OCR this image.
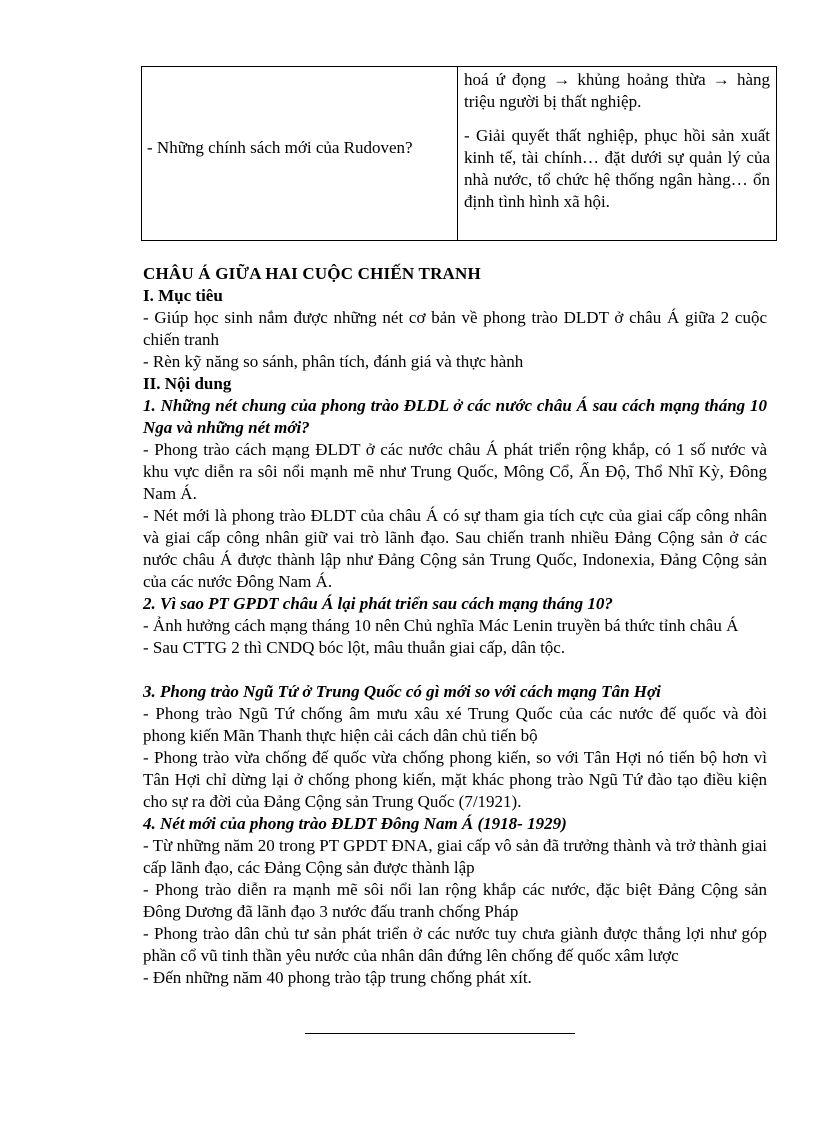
- Những chính sách mới của Rudoven?

hoá ứ đọng → khủng hoảng thừa → hàng triệu người bị thất nghiệp.

- Giải quyết thất nghiệp, phục hồi sản xuất kinh tế, tài chính… đặt dưới sự quản lý của nhà nước, tổ chức hệ thống ngân hàng… ổn định tình hình xã hội.

CHÂU Á GIỮA HAI CUỘC CHIẾN TRANH

I. Mục tiêu

- Giúp học sinh nắm được những nét cơ bản về phong trào DLDT ở châu Á giữa 2 cuộc chiến tranh

- Rèn kỹ năng so sánh, phân tích, đánh giá và thực hành

II. Nội dung

1. Những nét chung của phong trào ĐLDL ở các nước châu Á sau cách mạng tháng 10 Nga và những nét mới?

- Phong trào cách mạng ĐLDT ở các nước châu Á phát triển rộng khắp, có 1 số nước và khu vực diễn ra sôi nổi mạnh mẽ như Trung Quốc, Mông Cổ, Ấn Độ, Thổ Nhĩ Kỳ, Đông Nam Á.

- Nét mới là phong trào ĐLDT của châu Á có sự tham gia tích cực của giai cấp công nhân và giai cấp công nhân giữ vai trò lãnh đạo. Sau chiến tranh nhiều Đảng Cộng sản ở các nước châu Á được thành lập như Đảng Cộng sản Trung Quốc, Indonexia, Đảng Cộng sản của các nước Đông Nam Á.

2. Vì sao PT GPDT châu Á lại phát triển sau cách mạng tháng 10?

- Ảnh hưởng cách mạng tháng 10 nên Chủ nghĩa Mác Lenin truyền bá thức tỉnh châu Á

- Sau CTTG 2 thì CNDQ bóc lột, mâu thuẫn giai cấp, dân tộc.

3. Phong trào Ngũ Tứ ở Trung Quốc có gì mới so với cách mạng Tân Hợi

- Phong trào Ngũ Tứ chống âm mưu xâu xé Trung Quốc của các nước đế quốc và đòi phong kiến Mãn Thanh thực hiện cải cách dân chủ tiến bộ

- Phong trào vừa chống đế quốc vừa chống phong kiến, so với Tân Hợi nó tiến bộ hơn vì Tân Hợi chỉ dừng lại ở chống phong kiến, mặt khác phong trào Ngũ Tứ đào tạo điều kiện cho sự ra đời của Đảng Cộng sản Trung Quốc (7/1921).

4. Nét mới của phong trào ĐLDT Đông Nam Á (1918- 1929)

- Từ những năm 20 trong PT GPDT ĐNA, giai cấp vô sản đã trưởng thành và trở thành giai cấp lãnh đạo, các Đảng Cộng sản được thành lập

- Phong trào diễn ra mạnh mẽ sôi nổi lan rộng khắp các nước, đặc biệt Đảng Cộng sản Đông Dương đã lãnh đạo 3 nước đấu tranh chống Pháp

- Phong trào dân chủ tư sản phát triển ở các nước tuy chưa giành được thắng lợi như góp phần cổ vũ tinh thần yêu nước của nhân dân đứng lên chống đế quốc xâm lược

- Đến những năm 40 phong trào tập trung chống phát xít.
